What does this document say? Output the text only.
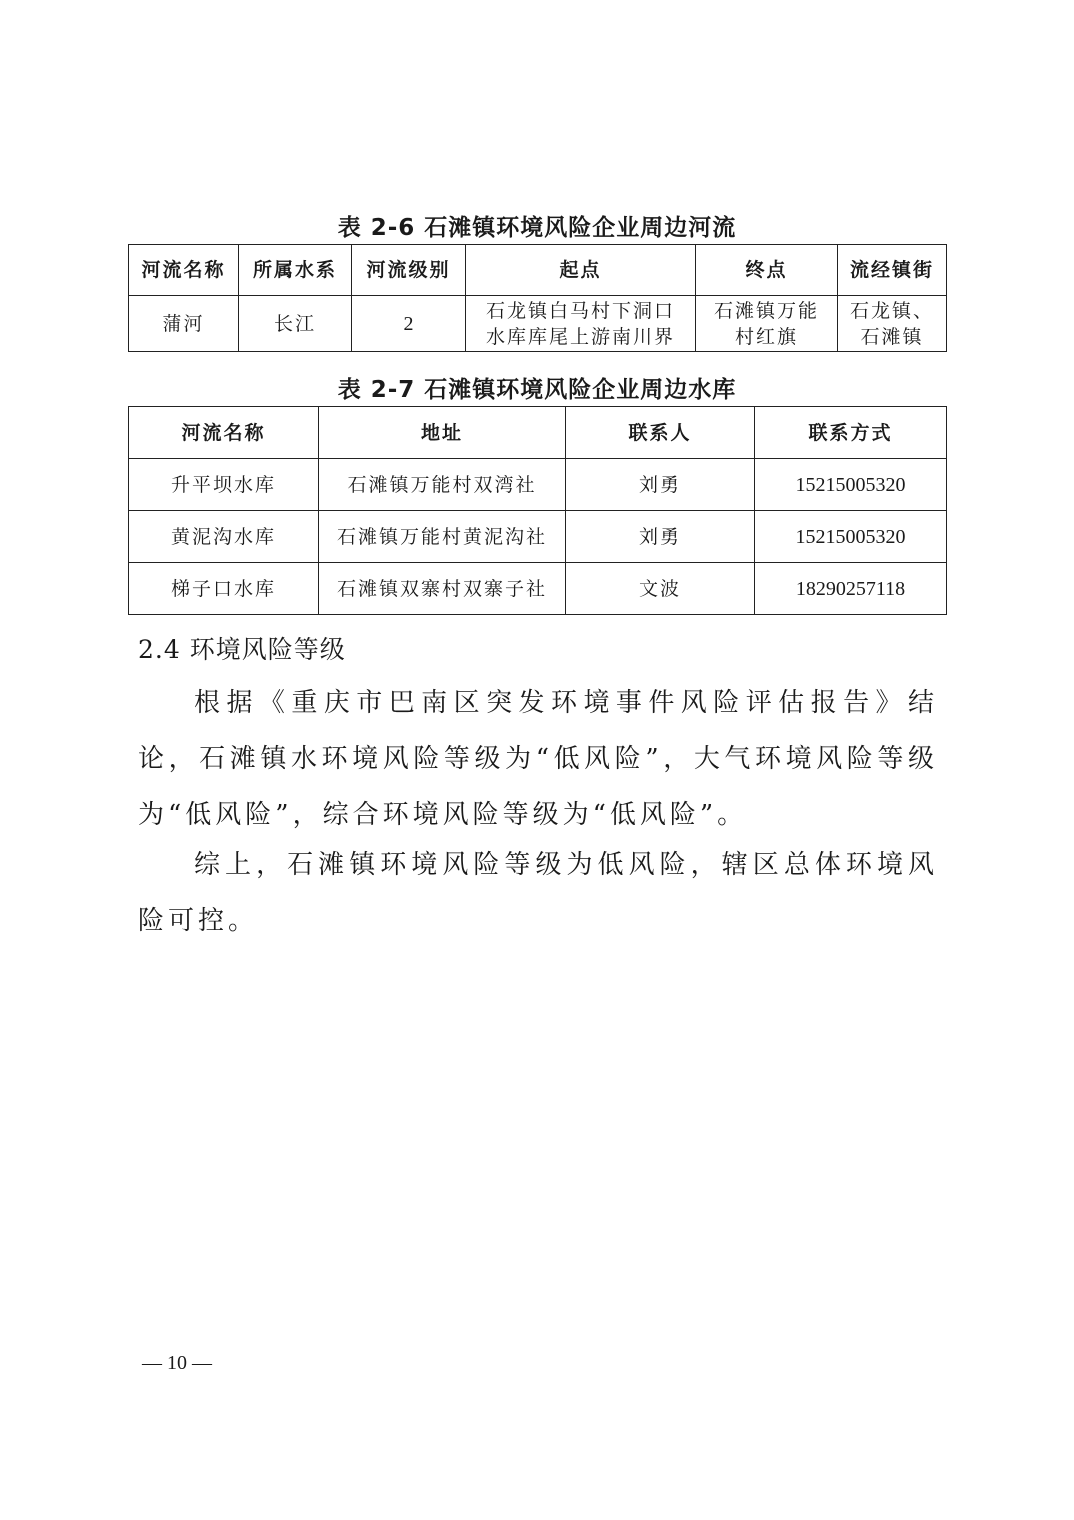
表 2-6 石滩镇环境风险企业周边河流
河流名称	所属水系	河流级别	起点	终点	流经镇街
蒲河	长江	2	石龙镇白马村下洞口水库库尾上游南川界	石滩镇万能村红旗	石龙镇、石滩镇
表 2-7 石滩镇环境风险企业周边水库
河流名称	地址	联系人	联系方式
升平坝水库	石滩镇万能村双湾社	刘勇	15215005320
黄泥沟水库	石滩镇万能村黄泥沟社	刘勇	15215005320
梯子口水库	石滩镇双寨村双寨子社	文波	18290257118
2.4 环境风险等级

根据《重庆市巴南区突发环境事件风险评估报告》结论，石滩镇水环境风险等级为“低风险”，大气环境风险等级为“低风险”，综合环境风险等级为“低风险”。

综上，石滩镇环境风险等级为低风险，辖区总体环境风险可控。

— 10 —
